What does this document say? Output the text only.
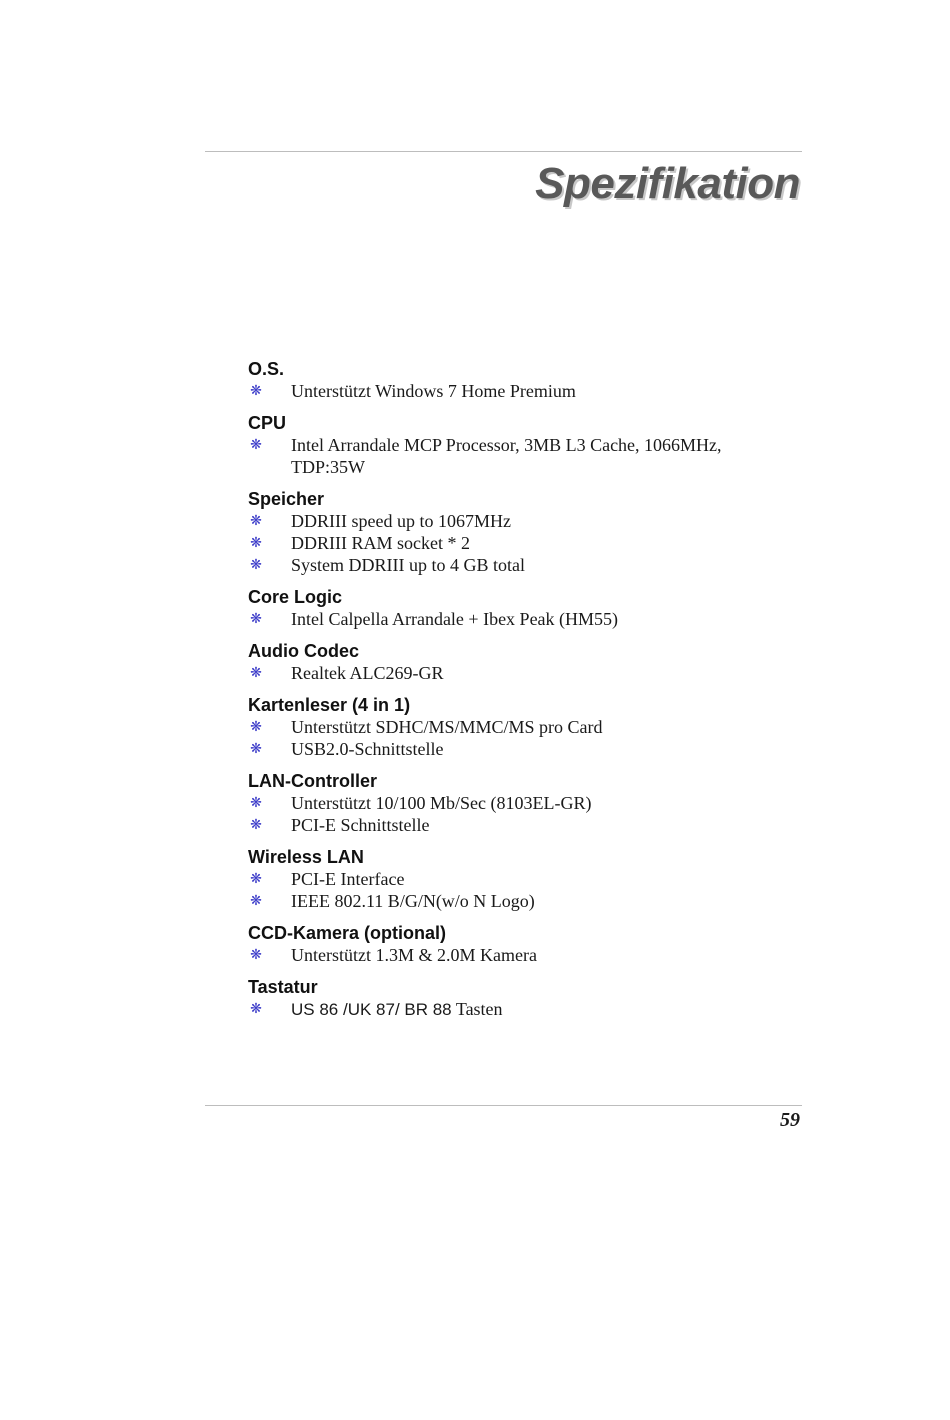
Spezifikation
O.S.
❋ Unterstützt Windows 7 Home Premium
CPU
❋ Intel Arrandale MCP Processor, 3MB L3 Cache, 1066MHz, TDP:35W
Speicher
❋ DDRIII speed up to 1067MHz
❋ DDRIII RAM socket * 2
❋ System DDRIII up to 4 GB total
Core Logic
❋ Intel Calpella Arrandale + Ibex Peak (HM55)
Audio Codec
❋ Realtek ALC269-GR
Kartenleser (4 in 1)
❋ Unterstützt SDHC/MS/MMC/MS pro Card
❋ USB2.0-Schnittstelle
LAN-Controller
❋ Unterstützt 10/100 Mb/Sec (8103EL-GR)
❋ PCI-E Schnittstelle
Wireless LAN
❋ PCI-E Interface
❋ IEEE 802.11 B/G/N(w/o N Logo)
CCD-Kamera (optional)
❋ Unterstützt 1.3M & 2.0M Kamera
Tastatur
❋ US 86 /UK 87/ BR 88 Tasten
59
